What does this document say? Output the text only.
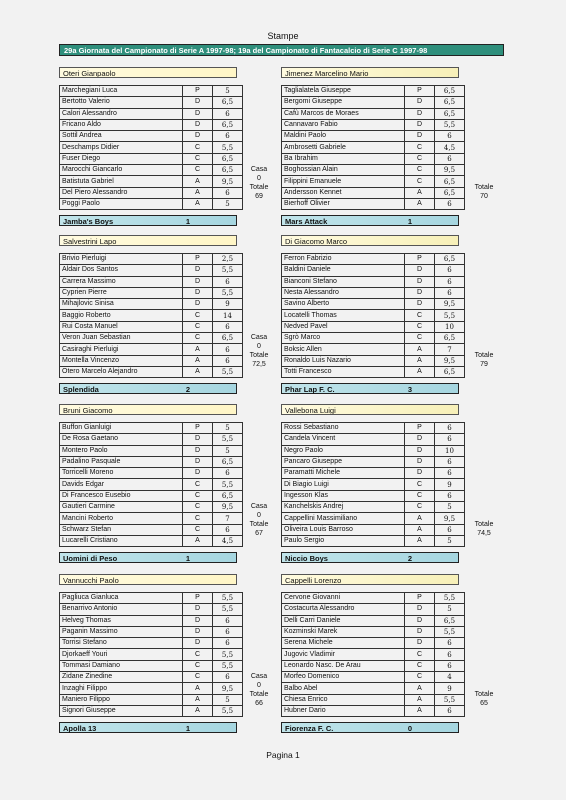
Stampe
29a Giornata del Campionato di Serie A 1997-98; 19a del Campionato di Fantacalcio di Serie C 1997-98
Oteri Gianpaolo
Marchegiani Luca	P	5
Bertotto Valerio	D	6,5
Calori Alessandro	D	6
Fricano Aldo	D	6,5
Sottil Andrea	D	6
Deschamps Didier	C	5,5
Fuser Diego	C	6,5
Marocchi Giancarlo	C	6,5
Batistuta Gabriel	A	9,5
Del Piero Alessandro	A	6
Poggi Paolo	A	5
Casa
0
Totale
69
Jamba's Boys	1
Jimenez Marcelino Mario
Taglialatela Giuseppe	P	6,5
Bergomi Giuseppe	D	6,5
Cafù Marcos de Moraes	D	6,5
Cannavaro Fabio	D	5,5
Maldini Paolo	D	6
Ambrosetti Gabriele	C	4,5
Ba Ibrahim	C	6
Boghossian Alain	C	9,5
Filippini Emanuele	C	6,5
Andersson Kennet	A	6,5
Bierhoff Olivier	A	6
Totale
70
Mars Attack	1
Salvestrini Lapo
Brivio Pierluigi	P	2,5
Aldair Dos Santos	D	5,5
Carrera Massimo	D	6
Cyprien Pierre	D	5,5
Mihajlovic Sinisa	D	9
Baggio Roberto	C	14
Rui Costa Manuel	C	6
Veron Juan Sebastian	C	6,5
Casiraghi Pierluigi	A	6
Montella Vincenzo	A	6
Otero Marcelo Alejandro	A	5,5
Casa
0
Totale
72,5
Splendida	2
Di Giacomo Marco
Ferron Fabrizio	P	6,5
Baldini Daniele	D	6
Bianconi Stefano	D	6
Nesta Alessandro	D	6
Savino Alberto	D	9,5
Locatelli Thomas	C	5,5
Nedved Pavel	C	10
Sgrò Marco	C	6,5
Boksic Allen	A	7
Ronaldo Luis Nazario	A	9,5
Totti Francesco	A	6,5
Totale
79
Phar Lap F. C.	3
Bruni Giacomo
Buffon Gianluigi	P	5
De Rosa Gaetano	D	5,5
Montero Paolo	D	5
Padalino Pasquale	D	6,5
Torricelli Moreno	D	6
Davids Edgar	C	5,5
Di Francesco Eusebio	C	6,5
Gautieri Carmine	C	9,5
Mancini Roberto	C	7
Schwarz Stefan	C	6
Lucarelli Cristiano	A	4,5
Casa
0
Totale
67
Uomini di Peso	1
Vallebona Luigi
Rossi Sebastiano	P	6
Candela Vincent	D	6
Negro Paolo	D	10
Pancaro Giuseppe	D	6
Paramatti Michele	D	6
Di Biagio Luigi	C	9
Ingesson Klas	C	6
Kanchelskis Andrej	C	5
Cappellini Massimiliano	A	9,5
Oliveira Louis Barroso	A	6
Paulo Sergio	A	5
Totale
74,5
Niccio Boys	2
Vannucchi Paolo
Pagliuca Gianluca	P	5,5
Benarrivo Antonio	D	5,5
Helveg Thomas	D	6
Paganin Massimo	D	6
Torrisi Stefano	D	6
Djorkaeff Youri	C	5,5
Tommasi Damiano	C	5,5
Zidane Zinedine	C	6
Inzaghi Filippo	A	9,5
Maniero Filippo	A	5
Signori Giuseppe	A	5,5
Casa
0
Totale
66
Apolla 13	1
Cappelli Lorenzo
Cervone Giovanni	P	5,5
Costacurta Alessandro	D	5
Delli Carri Daniele	D	6,5
Kozminski Marek	D	5,5
Serena Michele	D	6
Jugovic Vladimir	C	6
Leonardo Nasc. De Arau	C	6
Morfeo Domenico	C	4
Balbo Abel	A	9
Chiesa Enrico	A	5,5
Hubner Dario	A	6
Totale
65
Fiorenza F. C.	0
Pagina 1
